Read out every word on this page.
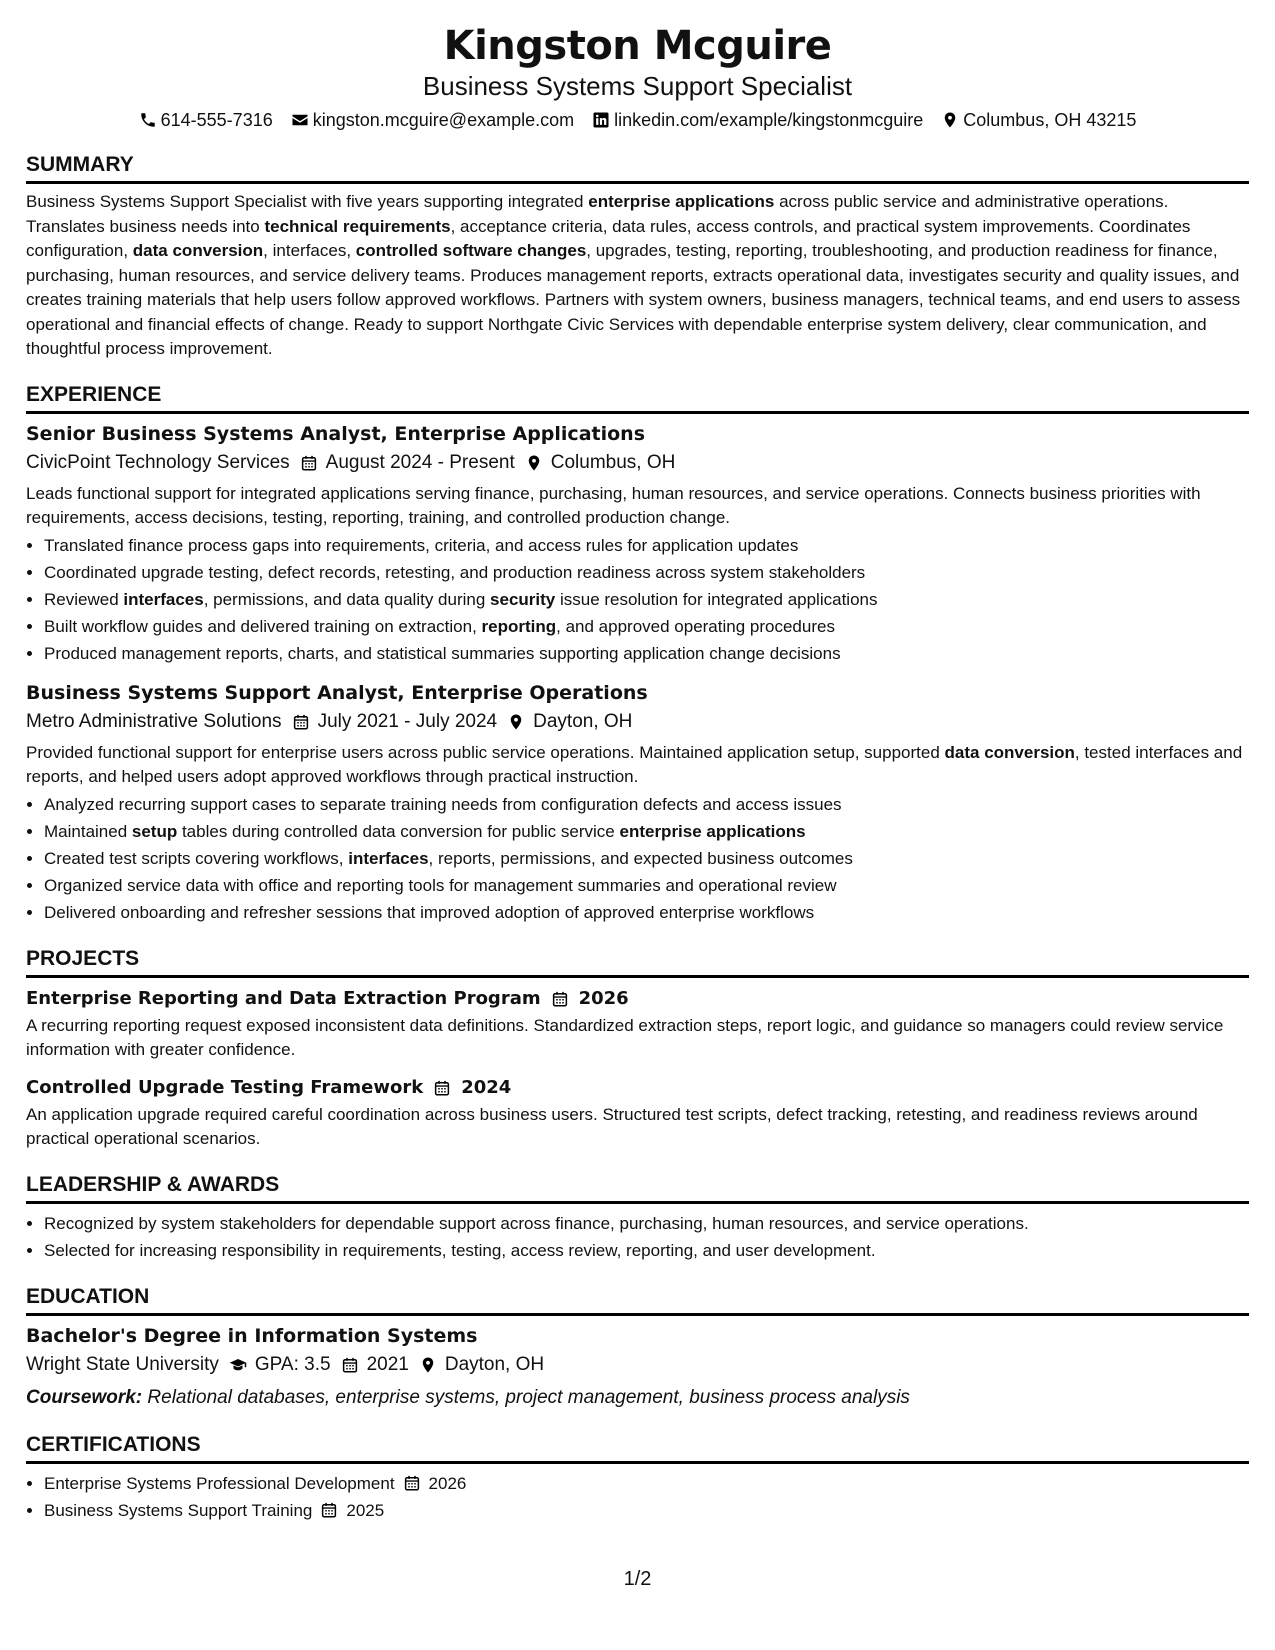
Kingston Mcguire
Business Systems Support Specialist
614-555-7316 kingston.mcguire@example.com linkedin.com/example/kingstonmcguire Columbus, OH 43215
SUMMARY
Business Systems Support Specialist with five years supporting integrated enterprise applications across public service and administrative operations. Translates business needs into technical requirements, acceptance criteria, data rules, access controls, and practical system improvements. Coordinates configuration, data conversion, interfaces, controlled software changes, upgrades, testing, reporting, troubleshooting, and production readiness for finance, purchasing, human resources, and service delivery teams. Produces management reports, extracts operational data, investigates security and quality issues, and creates training materials that help users follow approved workflows. Partners with system owners, business managers, technical teams, and end users to assess operational and financial effects of change. Ready to support Northgate Civic Services with dependable enterprise system delivery, clear communication, and thoughtful process improvement.
EXPERIENCE
Senior Business Systems Analyst, Enterprise Applications
CivicPoint Technology Services August 2024 - Present Columbus, OH
Leads functional support for integrated applications serving finance, purchasing, human resources, and service operations. Connects business priorities with requirements, access decisions, testing, reporting, training, and controlled production change.
• Translated finance process gaps into requirements, criteria, and access rules for application updates
• Coordinated upgrade testing, defect records, retesting, and production readiness across system stakeholders
• Reviewed interfaces, permissions, and data quality during security issue resolution for integrated applications
• Built workflow guides and delivered training on extraction, reporting, and approved operating procedures
• Produced management reports, charts, and statistical summaries supporting application change decisions
Business Systems Support Analyst, Enterprise Operations
Metro Administrative Solutions July 2021 - July 2024 Dayton, OH
Provided functional support for enterprise users across public service operations. Maintained application setup, supported data conversion, tested interfaces and reports, and helped users adopt approved workflows through practical instruction.
• Analyzed recurring support cases to separate training needs from configuration defects and access issues
• Maintained setup tables during controlled data conversion for public service enterprise applications
• Created test scripts covering workflows, interfaces, reports, permissions, and expected business outcomes
• Organized service data with office and reporting tools for management summaries and operational review
• Delivered onboarding and refresher sessions that improved adoption of approved enterprise workflows
PROJECTS
Enterprise Reporting and Data Extraction Program 2026
A recurring reporting request exposed inconsistent data definitions. Standardized extraction steps, report logic, and guidance so managers could review service information with greater confidence.
Controlled Upgrade Testing Framework 2024
An application upgrade required careful coordination across business users. Structured test scripts, defect tracking, retesting, and readiness reviews around practical operational scenarios.
LEADERSHIP & AWARDS
• Recognized by system stakeholders for dependable support across finance, purchasing, human resources, and service operations.
• Selected for increasing responsibility in requirements, testing, access review, reporting, and user development.
EDUCATION
Bachelor's Degree in Information Systems
Wright State University GPA: 3.5 2021 Dayton, OH
Coursework: Relational databases, enterprise systems, project management, business process analysis
CERTIFICATIONS
• Enterprise Systems Professional Development 2026
• Business Systems Support Training 2025
1/2
